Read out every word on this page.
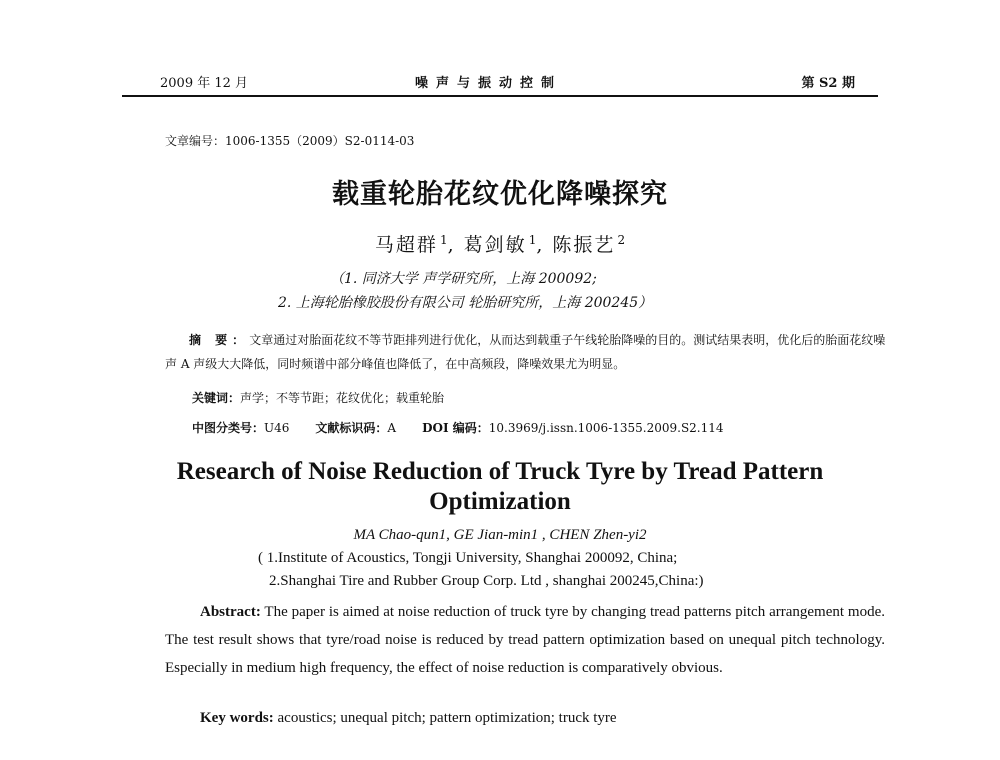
2009 年 12 月	噪声与振动控制	第 S2 期
文章编号：1006-1355（2009）S2-0114-03
载重轮胎花纹优化降噪探究
马超群 $^1$, 葛剑敏 $^1$, 陈振艺 $^2$
（1. 同济大学 声学研究所，上海 200092;
2. 上海轮胎橡胶股份有限公司 轮胎研究所，上海 200245）
摘 要：文章通过对胎面花纹不等节距排列进行优化，从而达到载重子午线轮胎降噪的目的。测试结果表明，优化后的胎面花纹噪声 A 声级大大降低，同时频谱中部分峰值也降低了，在中高频段，降噪效果尤为明显。
关键词：声学；不等节距；花纹优化；载重轮胎
中图分类号：U46 文献标识码：A DOI 编码：10.3969/j.issn.1006-1355.2009.S2.114
Research of Noise Reduction of Truck Tyre by Tread Pattern
Optimization
MA Chao-qun1, GE Jian-min1 , CHEN Zhen-yi2
( 1.Institute of Acoustics, Tongji University, Shanghai 200092, China;
2.Shanghai Tire and Rubber Group Corp. Ltd , shanghai 200245,China:)
Abstract: The paper is aimed at noise reduction of truck tyre by changing tread patterns pitch arrangement mode. The test result shows that tyre/road noise is reduced by tread pattern optimization based on unequal pitch technology. Especially in medium high frequency, the effect of noise reduction is comparatively obvious.
Key words: acoustics; unequal pitch; pattern optimization; truck tyre
